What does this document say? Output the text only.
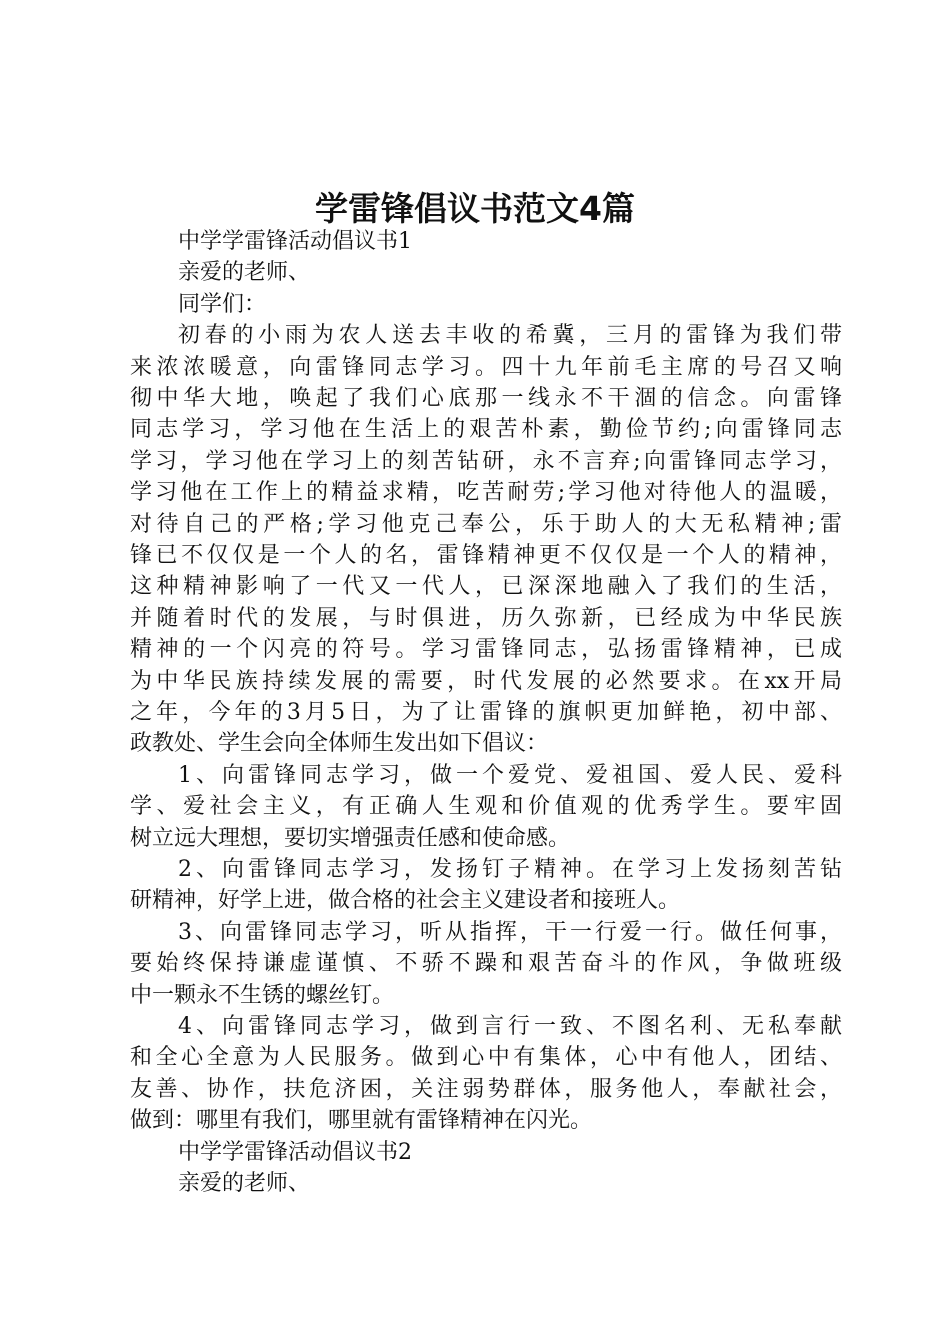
学雷锋倡议书范文4篇

中学学雷锋活动倡议书1

亲爱的老师、

同学们：

初春的小雨为农人送去丰收的希冀，三月的雷锋为我们带

来浓浓暖意，向雷锋同志学习。四十九年前毛主席的号召又响

彻中华大地，唤起了我们心底那一线永不干涸的信念。向雷锋

同志学习，学习他在生活上的艰苦朴素，勤俭节约;向雷锋同志

学习，学习他在学习上的刻苦钻研，永不言弃;向雷锋同志学习，

学习他在工作上的精益求精，吃苦耐劳;学习他对待他人的温暖，

对待自己的严格;学习他克己奉公，乐于助人的大无私精神;雷

锋已不仅仅是一个人的名，雷锋精神更不仅仅是一个人的精神，

这种精神影响了一代又一代人，已深深地融入了我们的生活，

并随着时代的发展，与时俱进，历久弥新，已经成为中华民族

精神的一个闪亮的符号。学习雷锋同志，弘扬雷锋精神，已成

为中华民族持续发展的需要，时代发展的必然要求。在xx开局

之年，今年的3月5日，为了让雷锋的旗帜更加鲜艳，初中部、

政教处、学生会向全体师生发出如下倡议：

1、向雷锋同志学习，做一个爱党、爱祖国、爱人民、爱科

学、爱社会主义，有正确人生观和价值观的优秀学生。要牢固

树立远大理想，要切实增强责任感和使命感。

2、向雷锋同志学习，发扬钉子精神。在学习上发扬刻苦钻

研精神，好学上进，做合格的社会主义建设者和接班人。

3、向雷锋同志学习，听从指挥，干一行爱一行。做任何事，

要始终保持谦虚谨慎、不骄不躁和艰苦奋斗的作风，争做班级

中一颗永不生锈的螺丝钉。

4、向雷锋同志学习，做到言行一致、不图名利、无私奉献

和全心全意为人民服务。做到心中有集体，心中有他人，团结、

友善、协作，扶危济困，关注弱势群体，服务他人，奉献社会，

做到：哪里有我们，哪里就有雷锋精神在闪光。

中学学雷锋活动倡议书2

亲爱的老师、
